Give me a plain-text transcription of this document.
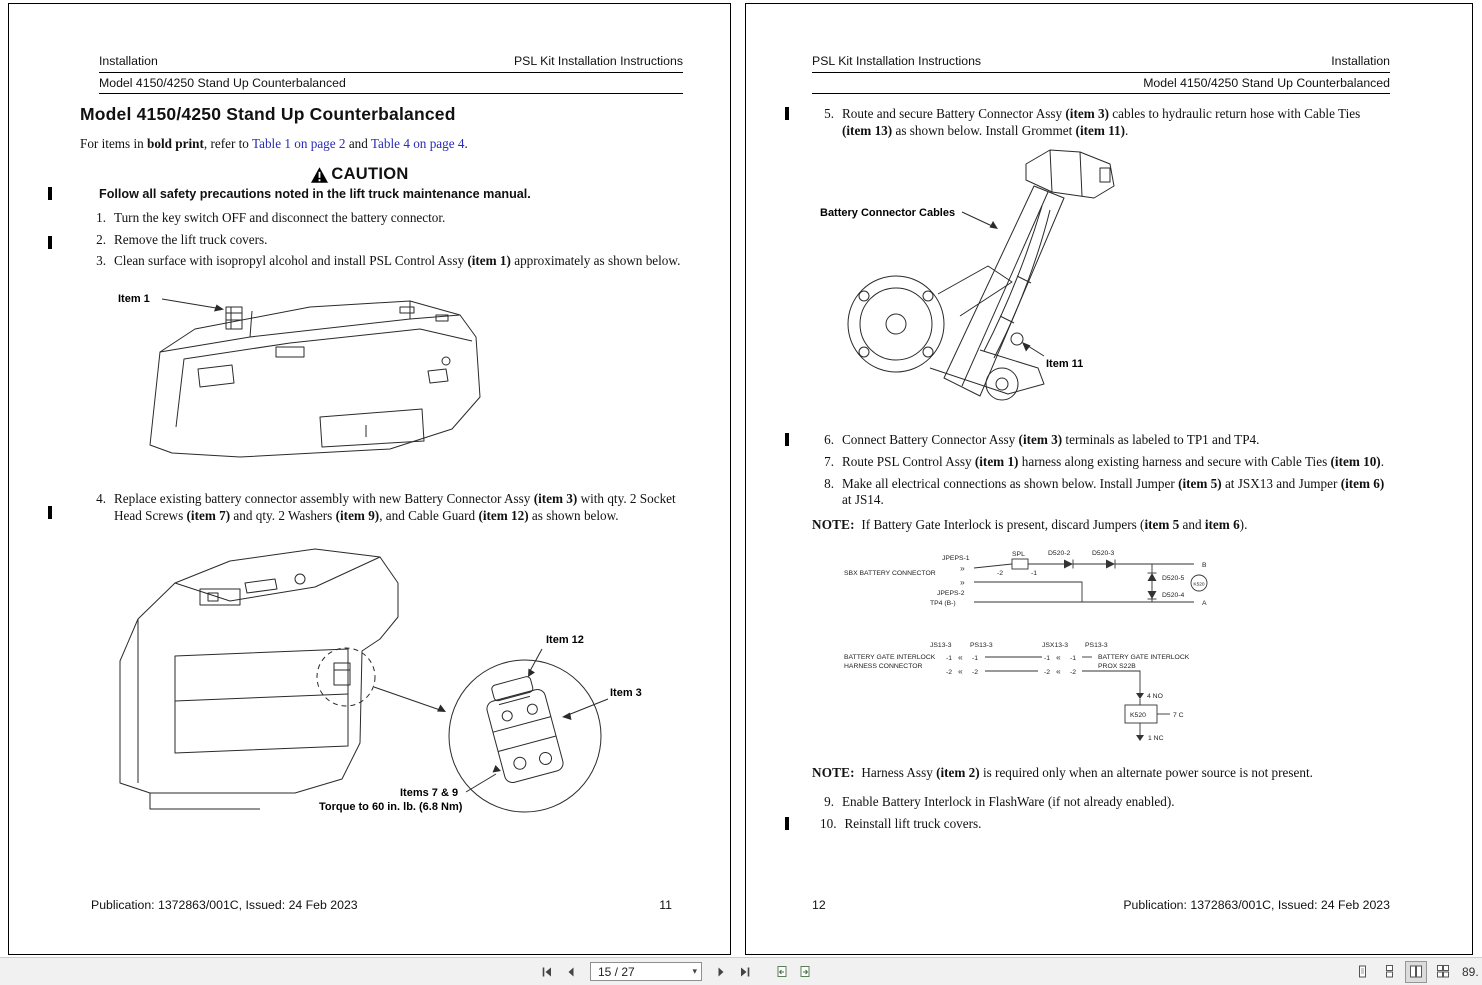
Installation	PSL Kit Installation Instructions
Model 4150/4250 Stand Up Counterbalanced
Model 4150/4250 Stand Up Counterbalanced

For items in bold print, refer to Table 1 on page 2 and Table 4 on page 4.

CAUTION
Follow all safety precautions noted in the lift truck maintenance manual.
1. Turn the key switch OFF and disconnect the battery connector.
2. Remove the lift truck covers.
3. Clean surface with isopropyl alcohol and install PSL Control Assy (item 1) approximately as shown below.
Item 1
4. Replace existing battery connector assembly with new Battery Connector Assy (item 3) with qty. 2 Socket Head Screws (item 7) and qty. 2 Washers (item 9), and Cable Guard (item 12) as shown below.
Item 12
Item 3
Items 7 & 9
Torque to 60 in. lb. (6.8 Nm)
Publication: 1372863/001C, Issued: 24 Feb 2023	11
PSL Kit Installation Instructions	Installation
Model 4150/4250 Stand Up Counterbalanced
5. Route and secure Battery Connector Assy (item 3) cables to hydraulic return hose with Cable Ties (item 13) as shown below. Install Grommet (item 11).
Battery Connector Cables
Item 11
6. Connect Battery Connector Assy (item 3) terminals as labeled to TP1 and TP4.
7. Route PSL Control Assy (item 1) harness along existing harness and secure with Cable Ties (item 10).
8. Make all electrical connections as shown below. Install Jumper (item 5) at JSX13 and Jumper (item 6) at JS14.

NOTE: If Battery Gate Interlock is present, discard Jumpers (item 5 and item 6).

SBX BATTERY CONNECTOR
JPEPS-1
»
»
JPEPS-2
TP4 (B-)
SPL
-2	-1
D520-2	D520-3
D520-5
D520-4
B
A
K520
JS13-3	PS13-3	JSX13-3 PS13-3
BATTERY GATE INTERLOCK
HARNESS CONNECTOR
-1 « -1
-2 « -2
-1 « -1
-2 « -2
BATTERY GATE INTERLOCK
PROX S22B
4 NO
K520	7 C
1 NC

NOTE: Harness Assy (item 2) is required only when an alternate power source is not present.

9. Enable Battery Interlock in FlashWare (if not already enabled).
10. Reinstall lift truck covers.
12	Publication: 1372863/001C, Issued: 24 Feb 2023
15 / 27	▾	89.
